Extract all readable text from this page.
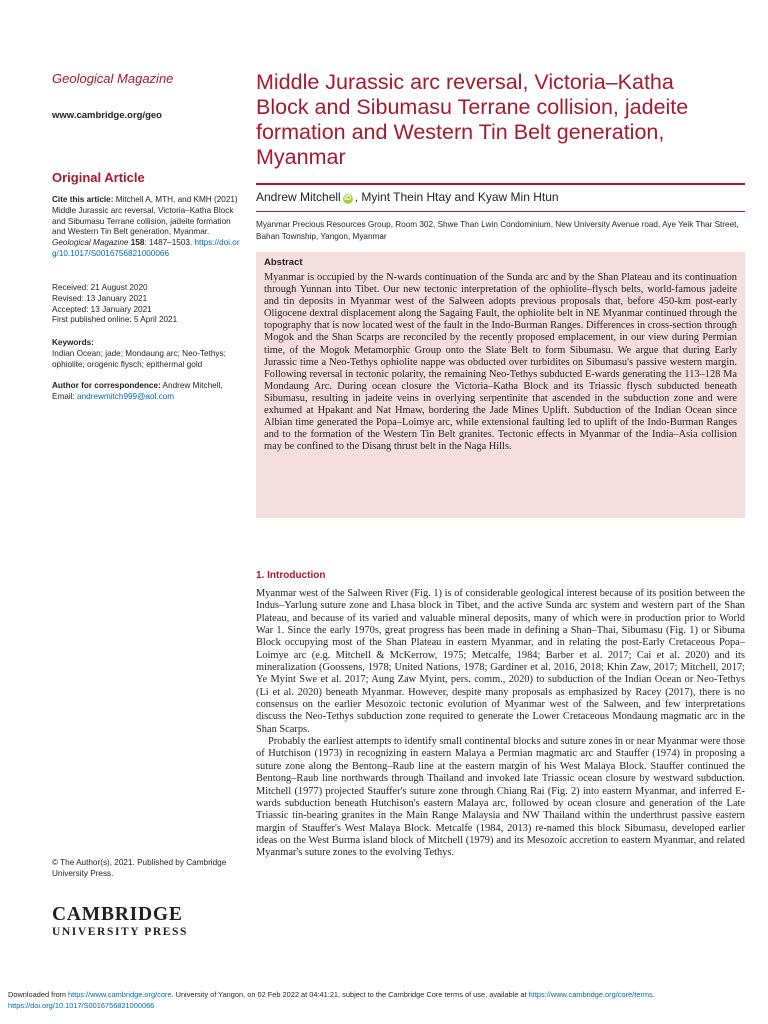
Geological Magazine
www.cambridge.org/geo
Original Article
Cite this article: Mitchell A, MTH, and KMH (2021) Middle Jurassic arc reversal, Victoria–Katha Block and Sibumasu Terrane collision, jadeite formation and Western Tin Belt generation, Myanmar. Geological Magazine 158: 1487–1503. https://doi.org/10.1017/S0016756821000066
Received: 21 August 2020
Revised: 13 January 2021
Accepted: 13 January 2021
First published online: 5 April 2021
Keywords:
Indian Ocean; jade; Mondaung arc; Neo-Tethys; ophiolite; orogenic flysch; epithermal gold
Author for correspondence: Andrew Mitchell,
Email: andrewmitch999@aol.com
© The Author(s), 2021. Published by Cambridge University Press.
CAMBRIDGE
UNIVERSITY PRESS
Middle Jurassic arc reversal, Victoria–Katha Block and Sibumasu Terrane collision, jadeite formation and Western Tin Belt generation, Myanmar
Andrew Mitchell iD , Myint Thein Htay and Kyaw Min Htun
Myanmar Precious Resources Group, Room 302, Shwe Than Lwin Condominium, New University Avenue road, Aye Yeik Thar Street, Bahan Township, Yangon, Myanmar
Abstract
Myanmar is occupied by the N-wards continuation of the Sunda arc and by the Shan Plateau and its continuation through Yunnan into Tibet. Our new tectonic interpretation of the ophiolite–flysch belts, world-famous jadeite and tin deposits in Myanmar west of the Salween adopts previous proposals that, before 450-km post-early Oligocene dextral displacement along the Sagaing Fault, the ophiolite belt in NE Myanmar continued through the topography that is now located west of the fault in the Indo-Burman Ranges. Differences in cross-section through Mogok and the Shan Scarps are reconciled by the recently proposed emplacement, in our view during Permian time, of the Mogok Metamorphic Group onto the Slate Belt to form Sibumasu. We argue that during Early Jurassic time a Neo-Tethys ophiolite nappe was obducted over turbidites on Sibumasu's passive western margin. Following reversal in tectonic polarity, the remaining Neo-Tethys subducted E-wards generating the 113–128 Ma Mondaung Arc. During ocean closure the Victoria–Katha Block and its Triassic flysch subducted beneath Sibumasu, resulting in jadeite veins in overlying serpentinite that ascended in the subduction zone and were exhumed at Hpakant and Nat Hmaw, bordering the Jade Mines Uplift. Subduction of the Indian Ocean since Albian time generated the Popa–Loimye arc, while extensional faulting led to uplift of the Indo-Burman Ranges and to the formation of the Western Tin Belt granites. Tectonic effects in Myanmar of the India–Asia collision may be confined to the Disang thrust belt in the Naga Hills.
1. Introduction

Myanmar west of the Salween River (Fig. 1) is of considerable geological interest because of its position between the Indus–Yarlung suture zone and Lhasa block in Tibet, and the active Sunda arc system and western part of the Shan Plateau, and because of its varied and valuable mineral deposits, many of which were in production prior to World War 1. Since the early 1970s, great progress has been made in defining a Shan–Thai, Sibumasu (Fig. 1) or Sibuma Block occupying most of the Shan Plateau in eastern Myanmar, and in relating the post-Early Cretaceous Popa–Loimye arc (e.g. Mitchell & McKerrow, 1975; Metcalfe, 1984; Barber et al. 2017; Cai et al. 2020) and its mineralization (Goossens, 1978; United Nations, 1978; Gardiner et al. 2016, 2018; Khin Zaw, 2017; Mitchell, 2017; Ye Myint Swe et al. 2017; Aung Zaw Myint, pers. comm., 2020) to subduction of the Indian Ocean or Neo-Tethys (Li et al. 2020) beneath Myanmar. However, despite many proposals as emphasized by Racey (2017), there is no consensus on the earlier Mesozoic tectonic evolution of Myanmar west of the Salween, and few interpretations discuss the Neo-Tethys subduction zone required to generate the Lower Cretaceous Mondaung magmatic arc in the Shan Scarps.

Probably the earliest attempts to identify small continental blocks and suture zones in or near Myanmar were those of Hutchison (1973) in recognizing in eastern Malaya a Permian magmatic arc and Stauffer (1974) in proposing a suture zone along the Bentong–Raub line at the eastern margin of his West Malaya Block. Stauffer continued the Bentong–Raub line northwards through Thailand and invoked late Triassic ocean closure by westward subduction. Mitchell (1977) projected Stauffer's suture zone through Chiang Rai (Fig. 2) into eastern Myanmar, and inferred E-wards subduction beneath Hutchison's eastern Malaya arc, followed by ocean closure and generation of the Late Triassic tin-bearing granites in the Main Range Malaysia and NW Thailand within the underthrust passive eastern margin of Stauffer's West Malaya Block. Metcalfe (1984, 2013) re-named this block Sibumasu, developed earlier ideas on the West Burma island block of Mitchell (1979) and its Mesozoic accretion to eastern Myanmar, and related Myanmar's suture zones to the evolving Tethys.

Downloaded from https://www.cambridge.org/core. University of Yangon, on 02 Feb 2022 at 04:41:21, subject to the Cambridge Core terms of use, available at https://www.cambridge.org/core/terms.
https://doi.org/10.1017/S0016756821000066
